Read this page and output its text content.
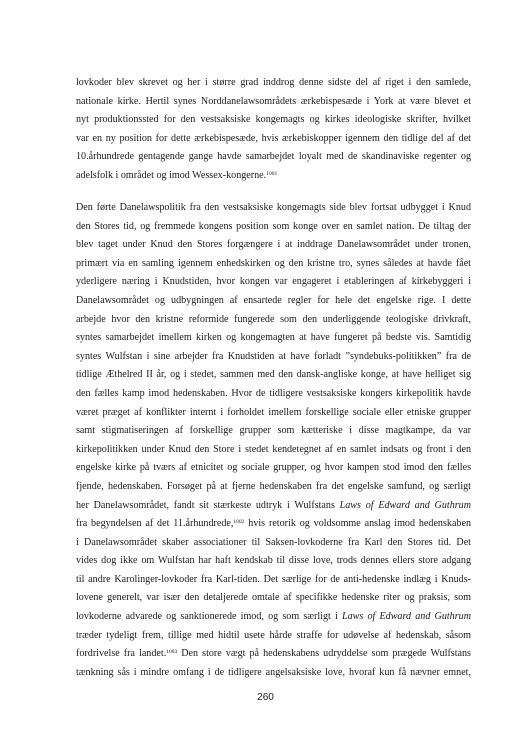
lovkoder blev skrevet og her i større grad inddrog denne sidste del af riget i den samlede,
nationale kirke. Hertil synes Norddanelawsområdets ærkebispesæde i York at være blevet et
nyt produktionssted for den vestsaksiske kongemagts og kirkes ideologiske skrifter, hvilket
var en ny position for dette ærkebispesæde, hvis ærkebiskopper igennem den tidlige del af det
10.århundrede gentagende gange havde samarbejdet loyalt med de skandinaviske regenter og
adelsfolk i området og imod Wessex-kongerne.$^{1001}$
Den førte Danelawspolitik fra den vestsaksiske kongemagts side blev fortsat udbygget i Knud
den Stores tid, og fremmede kongens position som konge over en samlet nation. De tiltag der
blev taget under Knud den Stores forgængere i at inddrage Danelawsområdet under tronen,
primært via en samling igennem enhedskirken og den kristne tro, synes således at havde fået
yderligere næring i Knudstiden, hvor kongen var engageret i etableringen af kirkebyggeri i
Danelawsområdet og udbygningen af ensartede regler for hele det engelske rige. I dette
arbejde hvor den kristne reformide fungerede som den underliggende teologiske drivkraft,
syntes samarbejdet imellem kirken og kongemagten at have fungeret på bedste vis. Samtidig
syntes Wulfstan i sine arbejder fra Knudstiden at have forladt ”syndebuks-politikken” fra de
tidlige Æthelred II år, og i stedet, sammen med den dansk-angliske konge, at have helliget sig
den fælles kamp imod hedenskaben. Hvor de tidligere vestsaksiske kongers kirkepolitik havde
været præget af konflikter internt i forholdet imellem forskellige sociale eller etniske grupper
samt stigmatiseringen af forskellige grupper som kætteriske i disse magtkampe, da var
kirkepolitikken under Knud den Store i stedet kendetegnet af en samlet indsats og front i den
engelske kirke på tværs af etnicitet og sociale grupper, og hvor kampen stod imod den fælles
fjende, hedenskaben. Forsøget på at fjerne hedenskaben fra det engelske samfund, og særligt
her Danelawsområdet, fandt sit stærkeste udtryk i Wulfstans Laws of Edward and Guthrum
fra begyndelsen af det 11.århundrede,$^{1002}$ hvis retorik og voldsomme anslag imod hedenskaben
i Danelawsområdet skaber associationer til Saksen-lovkoderne fra Karl den Stores tid. Det
vides dog ikke om Wulfstan har haft kendskab til disse love, trods dennes ellers store adgang
til andre Karolinger-lovkoder fra Karl-tiden. Det særlige for de anti-hedenske indlæg i Knuds-
lovene generelt, var især den detaljerede omtale af specifikke hedenske riter og praksis, som
lovkoderne advarede og sanktionerede imod, og som særligt i Laws of Edward and Guthrum
træder tydeligt frem, tillige med hidtil usete hårde straffe for udøvelse af hedenskab, såsom
fordrivelse fra landet.$^{1003}$ Den store vægt på hedenskabens udryddelse som prægede Wulfstans
tænkning sås i mindre omfang i de tidligere angelsaksiske love, hvoraf kun få nævner emnet,
260
